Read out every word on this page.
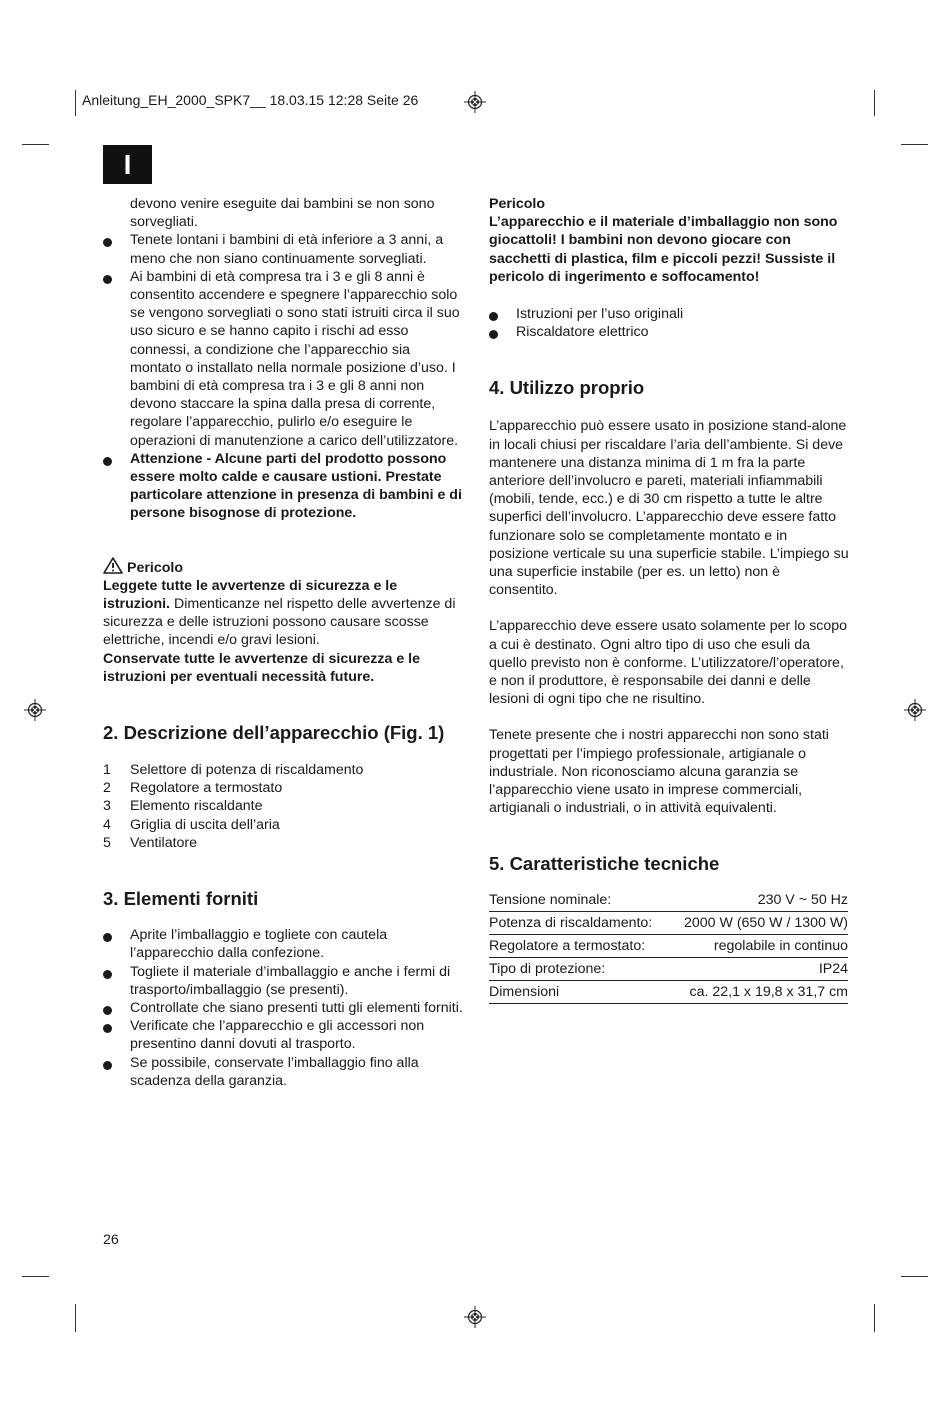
Anleitung_EH_2000_SPK7__ 18.03.15 12:28 Seite 26
I

devono venire eseguite dai bambini se non sono sorvegliati.

Tenete lontani i bambini di età inferiore a 3 anni, a meno che non siano continuamente sorvegliati.
Ai bambini di età compresa tra i 3 e gli 8 anni è consentito accendere e spegnere l’apparecchio solo se vengono sorvegliati o sono stati istruiti circa il suo uso sicuro e se hanno capito i rischi ad esso connessi, a condizione che l’apparecchio sia montato o installato nella normale posizione d’uso. I bambini di età compresa tra i 3 e gli 8 anni non devono staccare la spina dalla presa di corrente, regolare l’apparecchio, pulirlo e/o eseguire le operazioni di manutenzione a carico dell’utilizzatore.
Attenzione - Alcune parti del prodotto possono essere molto calde e causare ustioni. Prestate particolare attenzione in presenza di bambini e di persone bisognose di protezione.
Pericolo

Leggete tutte le avvertenze di sicurezza e le istruzioni. Dimenticanze nel rispetto delle avvertenze di sicurezza e delle istruzioni possono causare scosse elettriche, incendi e/o gravi lesioni.

Conservate tutte le avvertenze di sicurezza e le istruzioni per eventuali necessità future.

2. Descrizione dell’apparecchio (Fig. 1)
1 Selettore di potenza di riscaldamento
2 Regolatore a termostato
3 Elemento riscaldante
4 Griglia di uscita dell’aria
5 Ventilatore
3. Elementi forniti
Aprite l’imballaggio e togliete con cautela l’apparecchio dalla confezione.
Togliete il materiale d’imballaggio e anche i fermi di trasporto/imballaggio (se presenti).
Controllate che siano presenti tutti gli elementi forniti.
Verificate che l’apparecchio e gli accessori non presentino danni dovuti al trasporto.
Se possibile, conservate l’imballaggio fino alla scadenza della garanzia.

Pericolo

L’apparecchio e il materiale d’imballaggio non sono giocattoli! I bambini non devono giocare con sacchetti di plastica, film e piccoli pezzi! Sussiste il pericolo di ingerimento e soffocamento!

Istruzioni per l’uso originali
Riscaldatore elettrico
4. Utilizzo proprio

L’apparecchio può essere usato in posizione stand-alone in locali chiusi per riscaldare l’aria dell’ambiente. Si deve mantenere una distanza minima di 1 m fra la parte anteriore dell’involucro e pareti, materiali infiammabili (mobili, tende, ecc.) e di 30 cm rispetto a tutte le altre superfici dell’involucro. L’apparecchio deve essere fatto funzionare solo se completamente montato e in posizione verticale su una superficie stabile. L’impiego su una superficie instabile (per es. un letto) non è consentito.

L’apparecchio deve essere usato solamente per lo scopo a cui è destinato. Ogni altro tipo di uso che esuli da quello previsto non è conforme. L’utilizzatore/l’operatore, e non il produttore, è responsabile dei danni e delle lesioni di ogni tipo che ne risultino.

Tenete presente che i nostri apparecchi non sono stati progettati per l’impiego professionale, artigianale o industriale. Non riconosciamo alcuna garanzia se l’apparecchio viene usato in imprese commerciali, artigianali o industriali, o in attività equivalenti.

5. Caratteristiche tecniche
Tensione nominale:	230 V ~ 50 Hz
Potenza di riscaldamento:	2000 W (650 W / 1300 W)
Regolatore a termostato:	regolabile in continuo
Tipo di protezione:	IP24
Dimensioni	ca. 22,1 x 19,8 x 31,7 cm
26
